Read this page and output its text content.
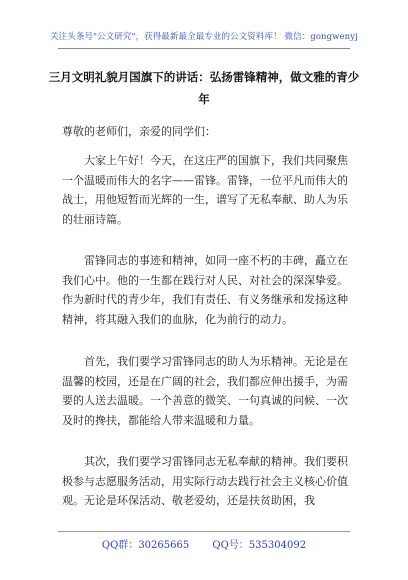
关注头条号"公文研究"，获得最新最全最专业的公文资料库！ 微信：gongwenyj
三月文明礼貌月国旗下的讲话：弘扬雷锋精神，做文雅的青少年

尊敬的老师们，亲爱的同学们：

大家上午好！今天，在这庄严的国旗下，我们共同聚焦一个温暖而伟大的名字——雷锋。雷锋，一位平凡而伟大的战士，用他短暂而光辉的一生，谱写了无私奉献、助人为乐的壮丽诗篇。

雷锋同志的事迹和精神，如同一座不朽的丰碑，矗立在我们心中。他的一生都在践行对人民、对社会的深深挚爱。作为新时代的青少年，我们有责任、有义务继承和发扬这种精神，将其融入我们的血脉，化为前行的动力。

首先，我们要学习雷锋同志的助人为乐精神。无论是在温馨的校园，还是在广阔的社会，我们都应伸出援手，为需要的人送去温暖。一个善意的微笑、一句真诚的问候、一次及时的搀扶，都能给人带来温暖和力量。

其次，我们要学习雷锋同志无私奉献的精神。我们要积极参与志愿服务活动，用实际行动去践行社会主义核心价值观。无论是环保活动、敬老爱幼，还是扶贫助困，我

QQ群：30265665 QQ号：535304092
